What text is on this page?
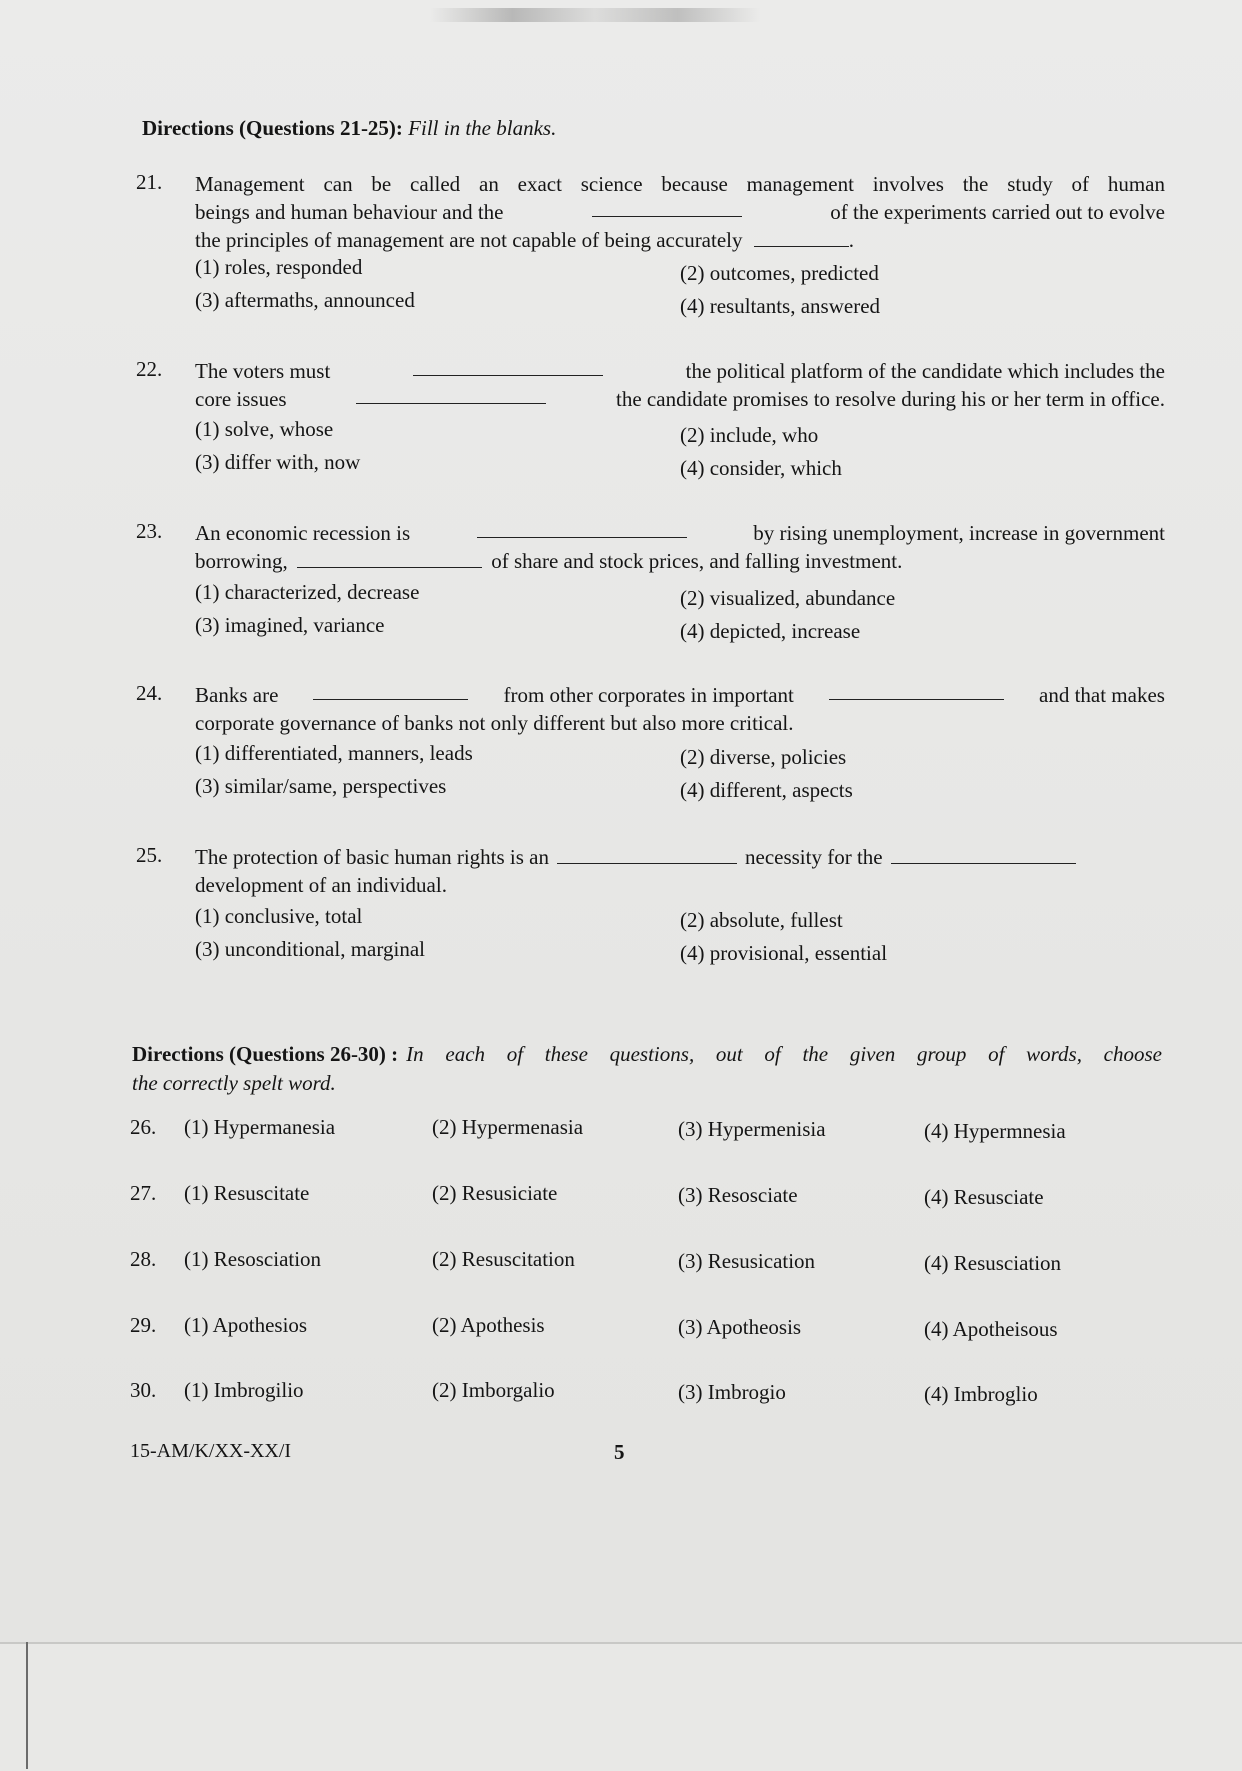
Directions (Questions 21-25): Fill in the blanks.
21. Management can be called an exact science because management involves the study of human
beings and human behaviour and the	of the experiments carried out to evolve
the principles of management are not capable of being accurately	.
(1) roles, responded	(2) outcomes, predicted
(3) aftermaths, announced	(4) resultants, answered
22. The voters must	the political platform of the candidate which includes the
core issues	the candidate promises to resolve during his or her term in office.
(1) solve, whose	(2) include, who
(3) differ with, now	(4) consider, which
23. An economic recession is	by rising unemployment, increase in government
borrowing,	of share and stock prices, and falling investment.
(1) characterized, decrease	(2) visualized, abundance
(3) imagined, variance	(4) depicted, increase
24. Banks are	from other corporates in important	and that makes
corporate governance of banks not only different but also more critical.
(1) differentiated, manners, leads	(2) diverse, policies
(3) similar/same, perspectives	(4) different, aspects
25. The protection of basic human rights is an	necessity for the
development of an individual.
(1) conclusive, total	(2) absolute, fullest
(3) unconditional, marginal	(4) provisional, essential
Directions (Questions 26-30) : In each of these questions, out of the given group of words, choose
the correctly spelt word.
26. (1) Hypermanesia	(2) Hypermenasia	(3) Hypermenisia	(4) Hypermnesia
27. (1) Resuscitate	(2) Resusiciate	(3) Resosciate	(4) Resusciate
28. (1) Resosciation	(2) Resuscitation	(3) Resusication	(4) Resusciation
29. (1) Apothesios	(2) Apothesis	(3) Apotheosis	(4) Apotheisous
30. (1) Imbrogilio	(2) Imborgalio	(3) Imbrogio	(4) Imbroglio
15-AM/K/XX-XX/I	5
